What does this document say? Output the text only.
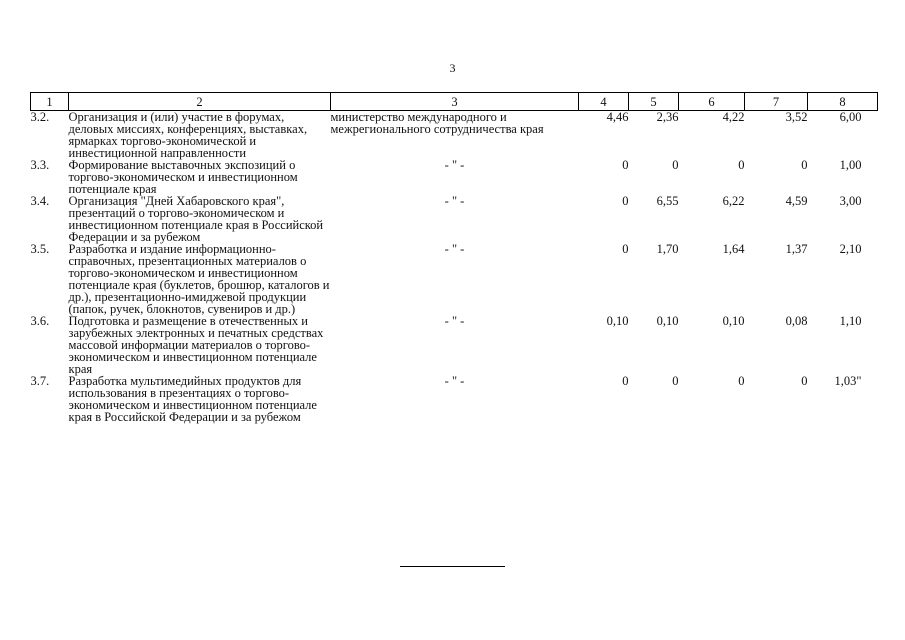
3
1	2	3	4	5	6	7	8
3.2.	Организация и (или) участие в форумах, деловых миссиях, конференциях, выставках, ярмарках торгово-экономической и инвестиционной направленности	министерство международного и межрегионального сотрудничества края	4,46	2,36	4,22	3,52	6,00
3.3.	Формирование выставочных экспозиций о торгово-экономическом и инвестиционном потенциале края	- " -	0	0	0	0	1,00
3.4.	Организация "Дней Хабаровского края", презентаций о торгово-экономическом и инвестиционном потенциале края в Российской Федерации и за рубежом	- " -	0	6,55	6,22	4,59	3,00
3.5.	Разработка и издание информационно-справочных, презентационных материалов о торгово-экономическом и инвестиционном потенциале края (буклетов, брошюр, каталогов и др.), презентационно-имиджевой продукции (папок, ручек, блокнотов, сувениров и др.)	- " -	0	1,70	1,64	1,37	2,10
3.6.	Подготовка и размещение в отечественных и зарубежных электронных и печатных средствах массовой информации материалов о торгово-экономическом и инвестиционном потенциале края	- " -	0,10	0,10	0,10	0,08	1,10
3.7.	Разработка мультимедийных продуктов для использования в презентациях о торгово-экономическом и инвестиционном потенциале края в Российской Федерации и за рубежом	- " -	0	0	0	0	1,03"
